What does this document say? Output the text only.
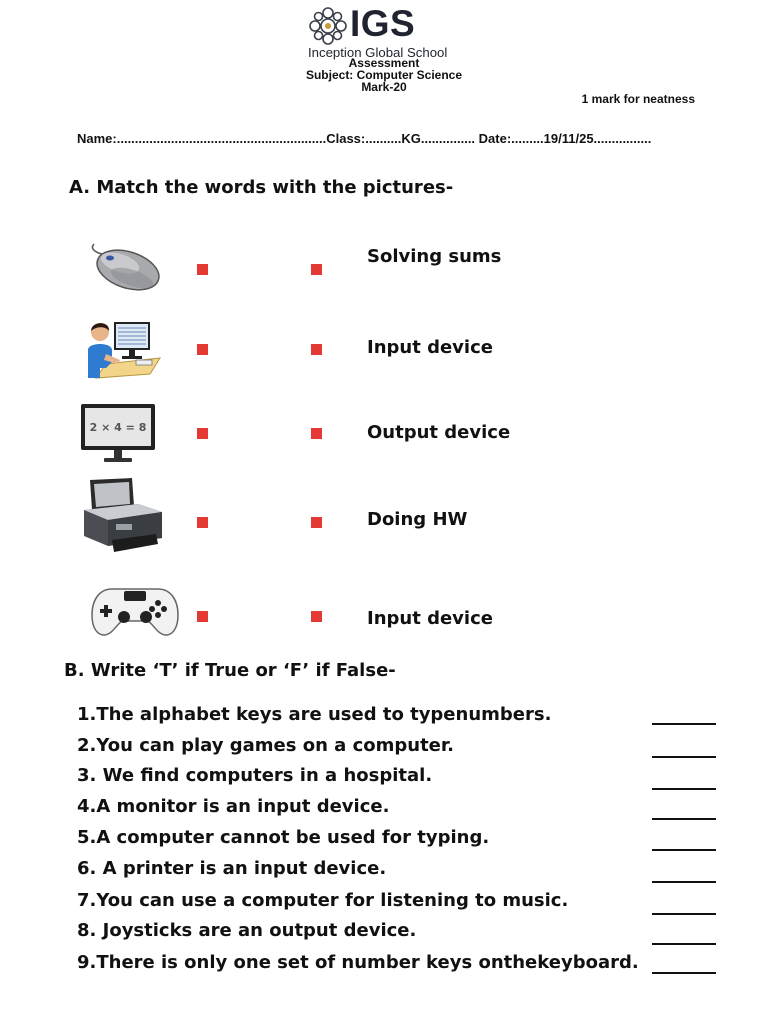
IGS
Inception Global School
Assessment
Subject: Computer Science
Mark-20
1 mark for neatness
Name:..........................................................Class:..........KG............... Date:.........19/11/25................
A. Match the words with the pictures-
2 × 4 = 8
Solving sums
Input device
Output device
Doing HW
Input device
B. Write ‘T’ if True or ‘F’ if False-
1.The alphabet keys are used to typenumbers.
2.You can play games on a computer.
3. We find computers in a hospital.
4.A monitor is an input device.
5.A computer cannot be used for typing.
6. A printer is an input device.
7.You can use a computer for listening to music.
8. Joysticks are an output device.
9.There is only one set of number keys onthekeyboard.
